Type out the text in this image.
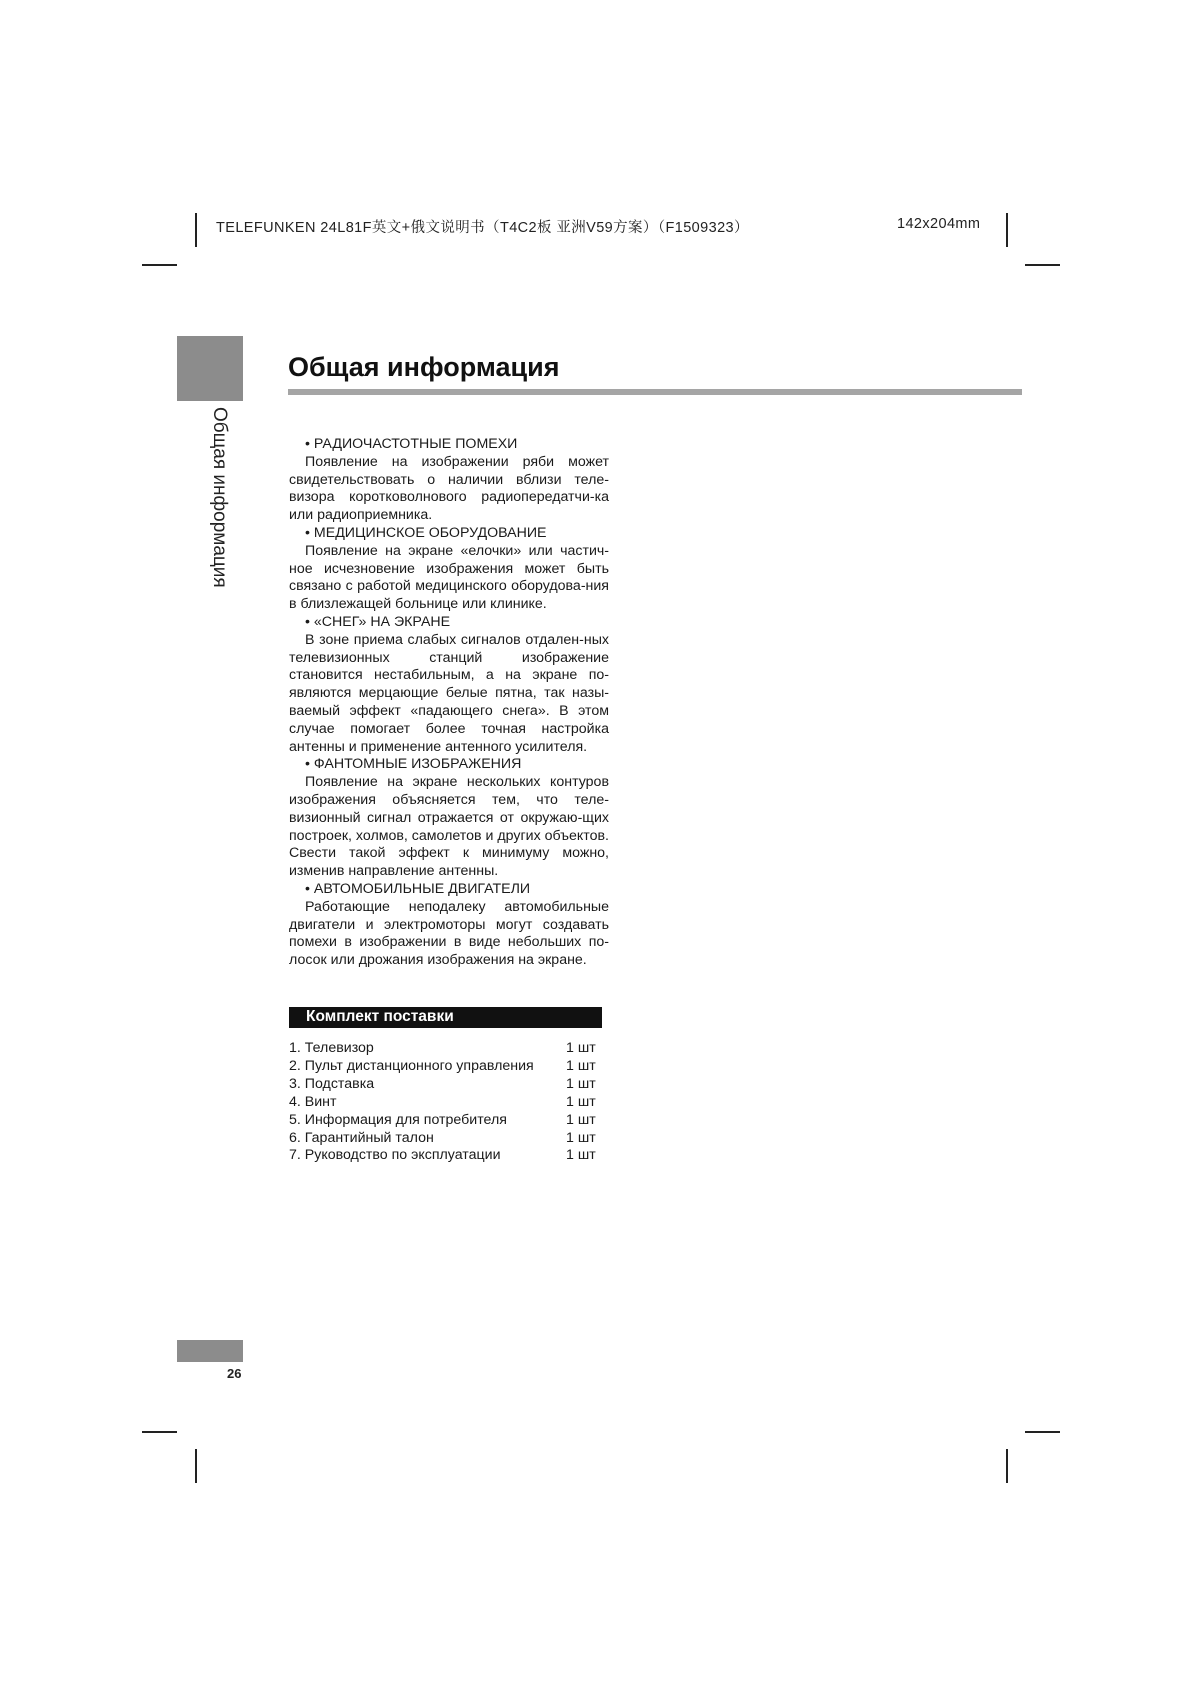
TELEFUNKEN 24L81F英文+俄文说明书（T4C2板 亚洲V59方案）（F1509323）	142x204mm
Общая информация
Общая информация

• РАДИОЧАСТОТНЫЕ ПОМЕХИ

Появление на изображении ряби может свидетельствовать о наличии вблизи теле-визора коротковолнового радиопередатчи-ка или радиоприемника.

• МЕДИЦИНСКОЕ ОБОРУДОВАНИЕ

Появление на экране «елочки» или частич-ное исчезновение изображения может быть связано с работой медицинского оборудова-ния в близлежащей больнице или клинике.

• «СНЕГ» НА ЭКРАНЕ

В зоне приема слабых сигналов отдален-ных телевизионных станций изображение становится нестабильным, а на экране по-являются мерцающие белые пятна, так назы-ваемый эффект «падающего снега». В этом случае помогает более точная настройка антенны и применение антенного усилителя.

• ФАНТОМНЫЕ ИЗОБРАЖЕНИЯ

Появление на экране нескольких контуров изображения объясняется тем, что теле-визионный сигнал отражается от окружаю-щих построек, холмов, самолетов и других объектов. Свести такой эффект к минимуму можно, изменив направление антенны.

• АВТОМОБИЛЬНЫЕ ДВИГАТЕЛИ

Работающие неподалеку автомобильные двигатели и электромоторы могут создавать помехи в изображении в виде небольших по-лосок или дрожания изображения на экране.

Комплект поставки
1. Телевизор	1 шт
2. Пульт дистанционного управления 1 шт
3. Подставка	1 шт
4. Винт	1 шт
5. Информация для потребителя	1 шт
6. Гарантийный талон	1 шт
7. Руководство по эксплуатации	1 шт
26
